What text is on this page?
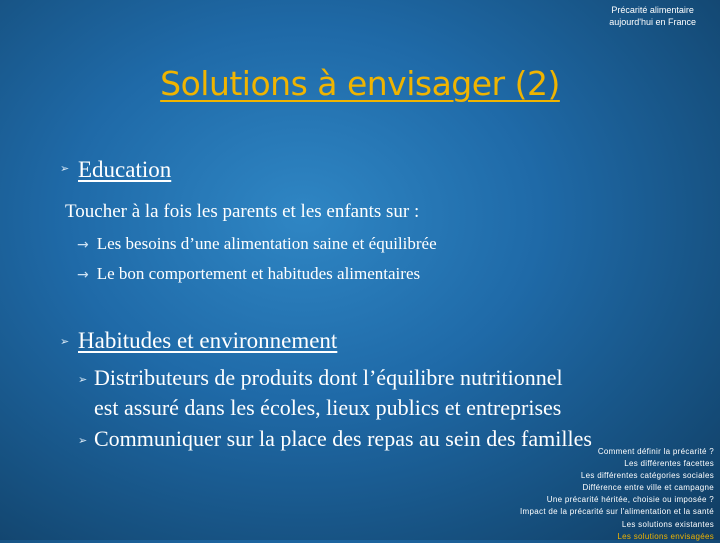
Précarité alimentaire
aujourd'hui en France
Solutions à envisager (2)
➢ Education
Toucher à la fois les parents et les enfants sur :
→ Les besoins d’une alimentation saine et équilibrée
→ Le bon comportement et habitudes alimentaires
➢ Habitudes et environnement
➢ Distributeurs de produits dont l’équilibre nutritionnel
est assuré dans les écoles, lieux publics et entreprises
➢ Communiquer sur la place des repas au sein des familles
Comment définir la précarité ?
Les différentes facettes
Les différentes catégories sociales
Différence entre ville et campagne
Une précarité héritée, choisie ou imposée ?
Impact de la précarité sur l'alimentation et la santé
Les solutions existantes
Les solutions envisagées
